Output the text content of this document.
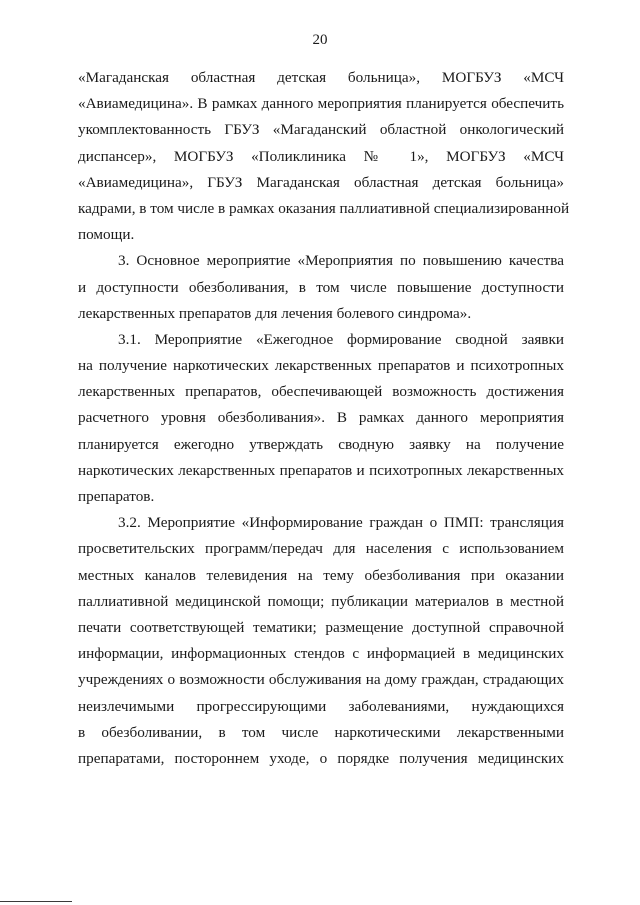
20
«Магаданская областная детская больница», МОГБУЗ «МСЧ
«Авиамедицина». В рамках данного мероприятия планируется обеспечить
укомплектованность ГБУЗ «Магаданский областной онкологический
диспансер», МОГБУЗ «Поликлиника № 1», МОГБУЗ «МСЧ
«Авиамедицина», ГБУЗ Магаданская областная детская больница»
кадрами, в том числе в рамках оказания паллиативной специализированной
помощи.
3. Основное мероприятие «Мероприятия по повышению качества
и доступности обезболивания, в том числе повышение доступности
лекарственных препаратов для лечения болевого синдрома».
3.1. Мероприятие «Ежегодное формирование сводной заявки
на получение наркотических лекарственных препаратов и психотропных
лекарственных препаратов, обеспечивающей возможность достижения
расчетного уровня обезболивания». В рамках данного мероприятия
планируется ежегодно утверждать сводную заявку на получение
наркотических лекарственных препаратов и психотропных лекарственных
препаратов.
3.2. Мероприятие «Информирование граждан о ПМП: трансляция
просветительских программ/передач для населения с использованием
местных каналов телевидения на тему обезболивания при оказании
паллиативной медицинской помощи; публикации материалов в местной
печати соответствующей тематики; размещение доступной справочной
информации, информационных стендов с информацией в медицинских
учреждениях о возможности обслуживания на дому граждан, страдающих
неизлечимыми прогрессирующими заболеваниями, нуждающихся
в обезболивании, в том числе наркотическими лекарственными
препаратами, постороннем уходе, о порядке получения медицинских
